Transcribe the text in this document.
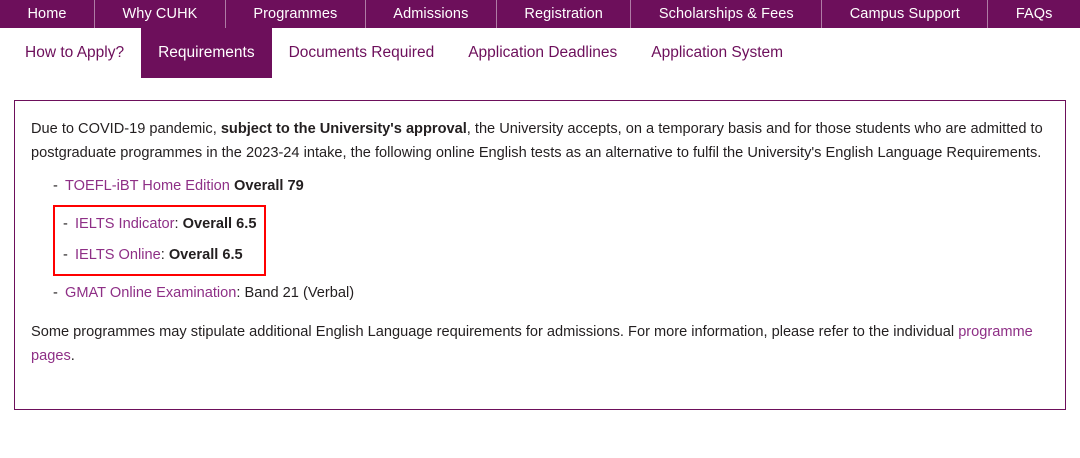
Home	Why CUHK	Programmes	Admissions	Registration	Scholarships & Fees	Campus Support	FAQs
How to Apply?	Requirements	Documents Required	Application Deadlines	Application System

Due to COVID-19 pandemic, subject to the University's approval, the University accepts, on a temporary basis and for those students who are admitted to postgraduate programmes in the 2023-24 intake, the following online English tests as an alternative to fulfil the University's English Language Requirements.

- TOEFL-iBT Home Edition Overall 79
- IELTS Indicator: Overall 6.5
- IELTS Online: Overall 6.5
- GMAT Online Examination: Band 21 (Verbal)

Some programmes may stipulate additional English Language requirements for admissions. For more information, please refer to the individual programme pages.
